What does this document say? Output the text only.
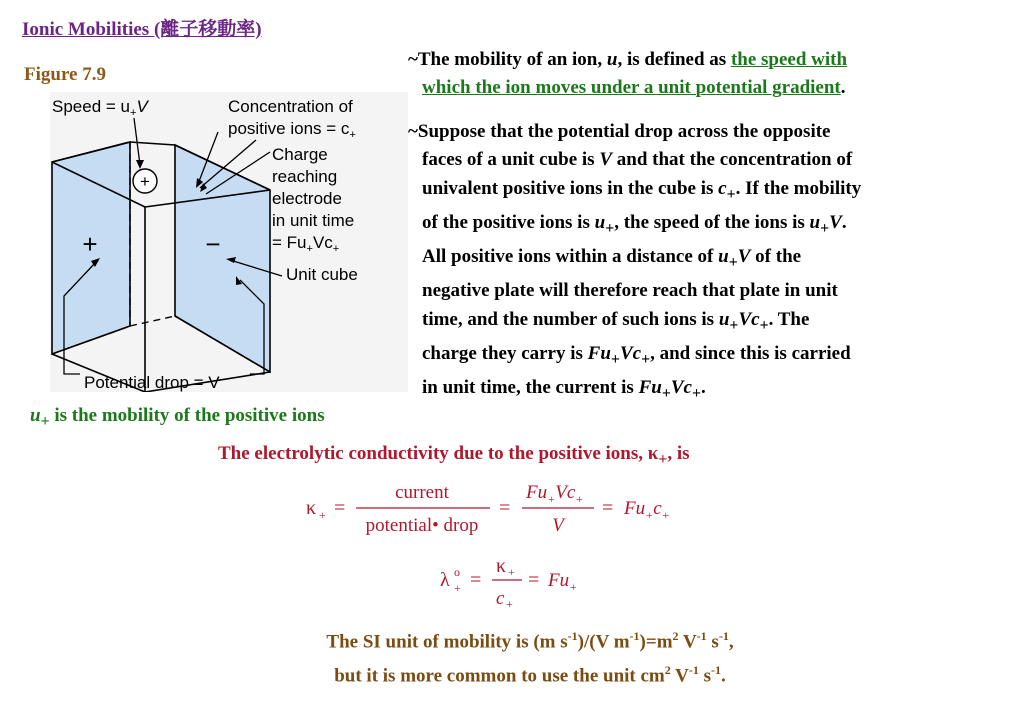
Ionic Mobilities (離子移動率)
Figure 7.9
+
+	−
Speed = $u_+V$	Concentration of
positive ions = $c_+$
Charge
reaching
electrode
in unit time
= $Fu_+Vc_+$
Unit cube
Potential drop = V
~The mobility of an ion, u, is defined as the speed with
which the ion moves under a unit potential gradient.
~Suppose that the potential drop across the opposite
faces of a unit cube is V and that the concentration of
univalent positive ions in the cube is $c_+$. If the mobility
of the positive ions is $u_+$, the speed of the ions is $u_+V$.
All positive ions within a distance of $u_+V$ of the
negative plate will therefore reach that plate in unit
time, and the number of such ions is $u_+Vc_+$. The
charge they carry is $Fu_+Vc_+$, and since this is carried
in unit time, the current is $Fu_+Vc_+$.
$u_+$ is the mobility of the positive ions
The electrolytic conductivity due to the positive ions, $\kappa_+$, is
κ + =
current
potential• drop
=
$Fu_+Vc_+$
V
= $Fu_+c_+$
λ o
+ =
κ +
c +
= $Fu_+$
The SI unit of mobility is (m $s^{-1})/(V$ $m^{-1})=m^2$ $V^{-1}$ $s^{-1}$,
but it is more common to use the unit $cm^2$ $V^{-1}$ $s^{-1}$.
